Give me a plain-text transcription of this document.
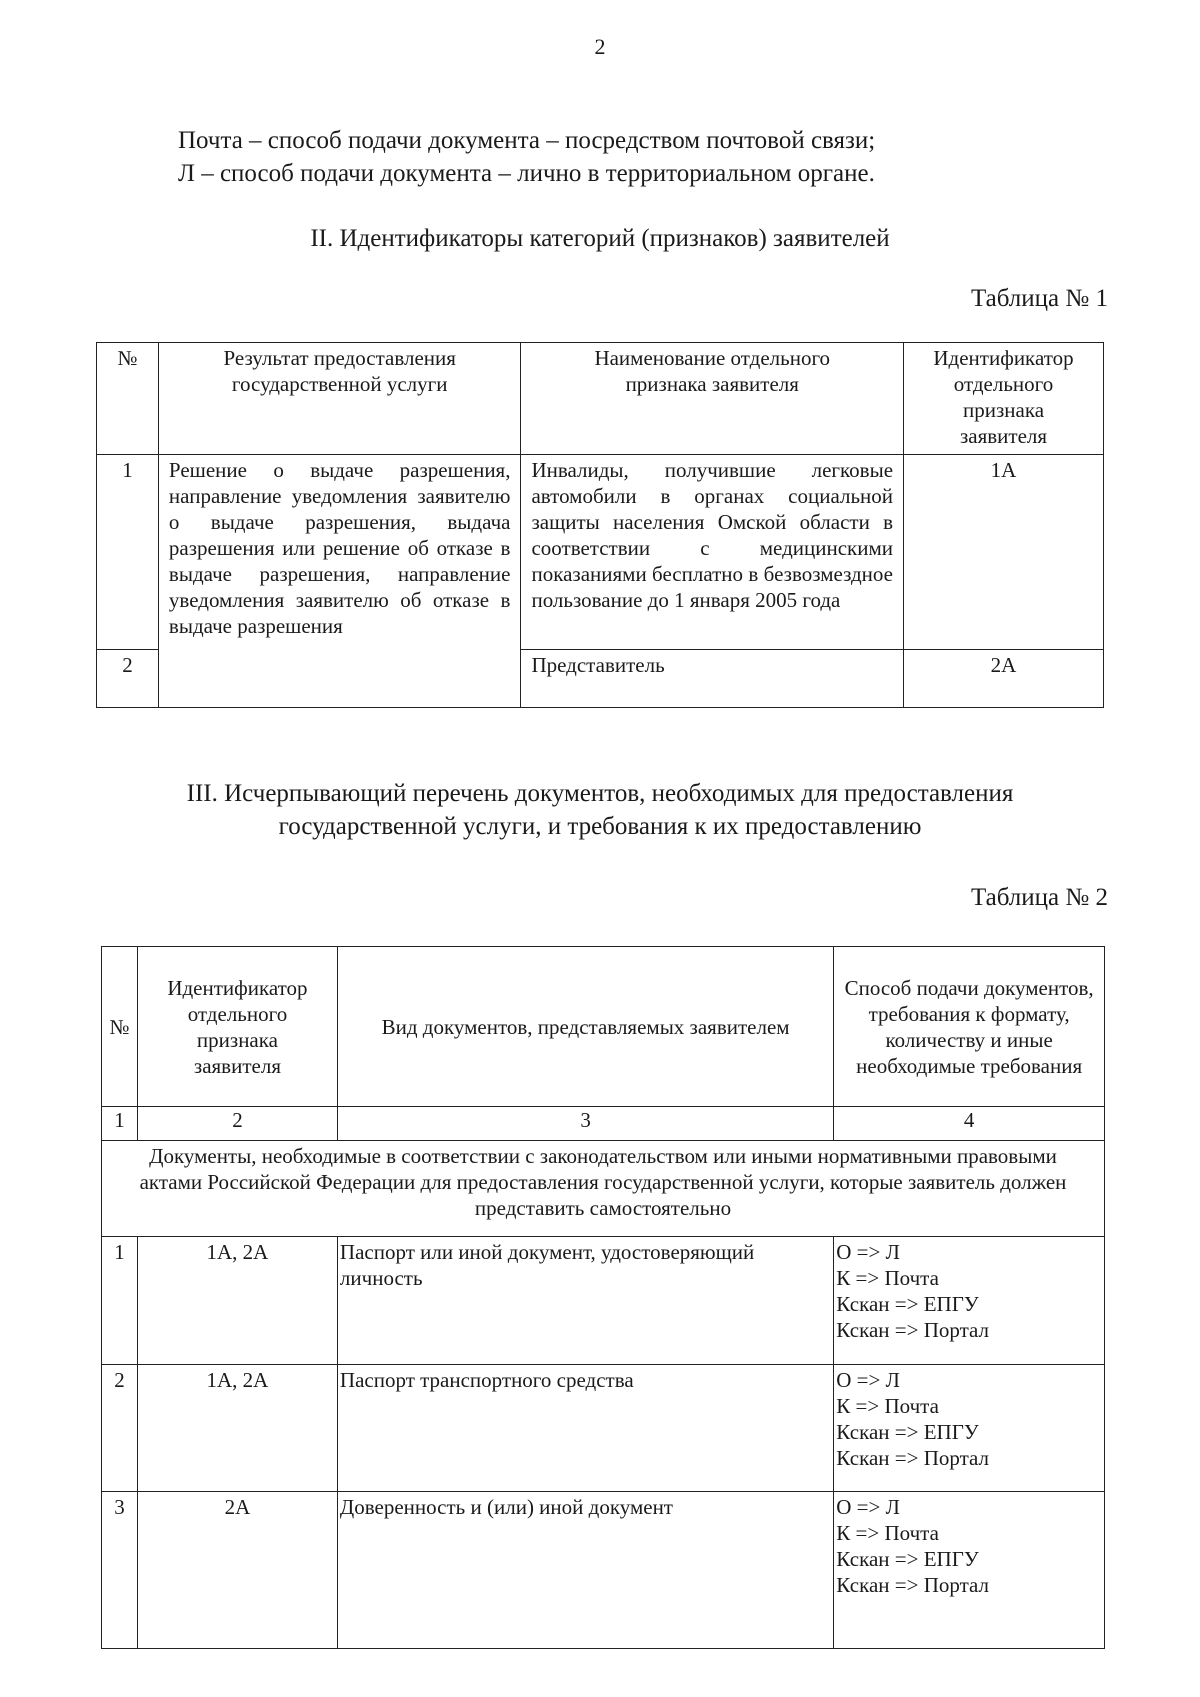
2
Почта – способ подачи документа – посредством почтовой связи;
Л – способ подачи документа – лично в территориальном органе.
II. Идентификаторы категорий (признаков) заявителей
Таблица № 1
№	Результат предоставления государственной услуги	Наименование отдельного признака заявителя	Идентификатор отдельного признака заявителя
1	Решение о выдаче разрешения, направление уведомления заявителю о выдаче разрешения, выдача разрешения или решение об отказе в выдаче разрешения, направление уведомления заявителю об отказе в выдаче разрешения	Инвалиды, получившие легковые автомобили в органах социальной защиты населения Омской области в соответствии с медицинскими показаниями бесплатно в безвозмездное пользование до 1 января 2005 года	1А
2		Представитель	2А
III. Исчерпывающий перечень документов, необходимых для предоставления
государственной услуги, и требования к их предоставлению
Таблица № 2
№	Идентификатор отдельного признака заявителя	Вид документов, представляемых заявителем	Способ подачи документов, требования к формату, количеству и иные необходимые требования
1	2	3	4
Документы, необходимые в соответствии с законодательством или иными нормативными правовыми актами Российской Федерации для предоставления государственной услуги, которые заявитель должен представить самостоятельно			
1	1А, 2А	Паспорт или иной документ, удостоверяющий личность	О => Л
К => Почта
Кскан => ЕПГУ
Кскан => Портал

2	1А, 2А	Паспорт транспортного средства	О => Л
К => Почта
Кскан => ЕПГУ
Кскан => Портал

3	2А	Доверенность и (или) иной документ	О => Л
К => Почта
Кскан => ЕПГУ
Кскан => Портал
